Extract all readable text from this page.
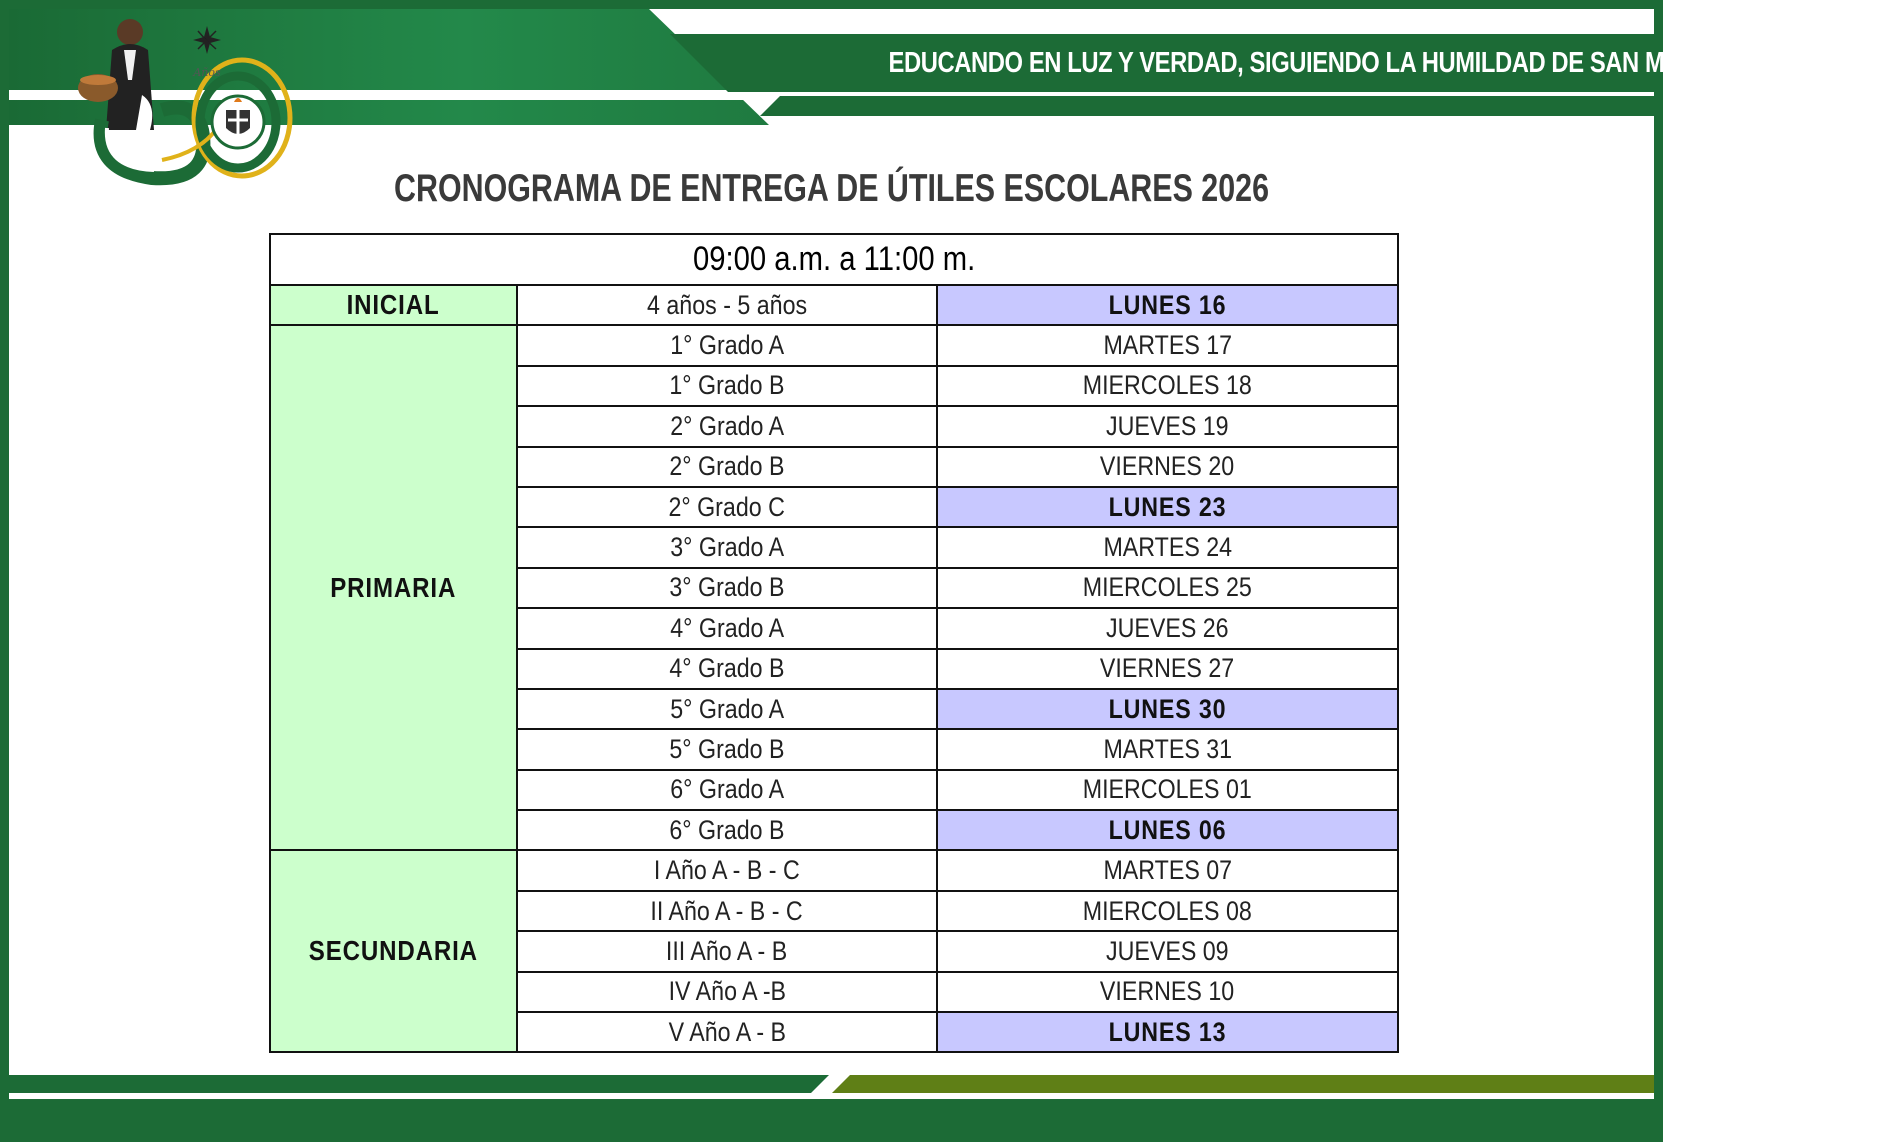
EDUCANDO EN LUZ Y VERDAD, SIGUIENDO LA HUMILDAD DE SAN MARTÍN DE PORRES
Años
CRONOGRAMA DE ENTREGA DE ÚTILES ESCOLARES 2026
09:00 a.m. a 11:00 m.		
INICIAL	4 años - 5 años	LUNES 16
PRIMARIA	1° Grado A	MARTES 17
	1° Grado B	MIERCOLES 18
	2° Grado A	JUEVES 19
	2° Grado B	VIERNES 20
	2° Grado C	LUNES 23
	3° Grado A	MARTES 24
	3° Grado B	MIERCOLES 25
	4° Grado A	JUEVES 26
	4° Grado B	VIERNES 27
	5° Grado A	LUNES 30
	5° Grado B	MARTES 31
	6° Grado A	MIERCOLES 01
	6° Grado B	LUNES 06
SECUNDARIA	I Año A - B - C	MARTES 07
	II Año A - B - C	MIERCOLES 08
	III Año A - B	JUEVES 09
	IV Año A -B	VIERNES 10
	V Año A - B	LUNES 13
